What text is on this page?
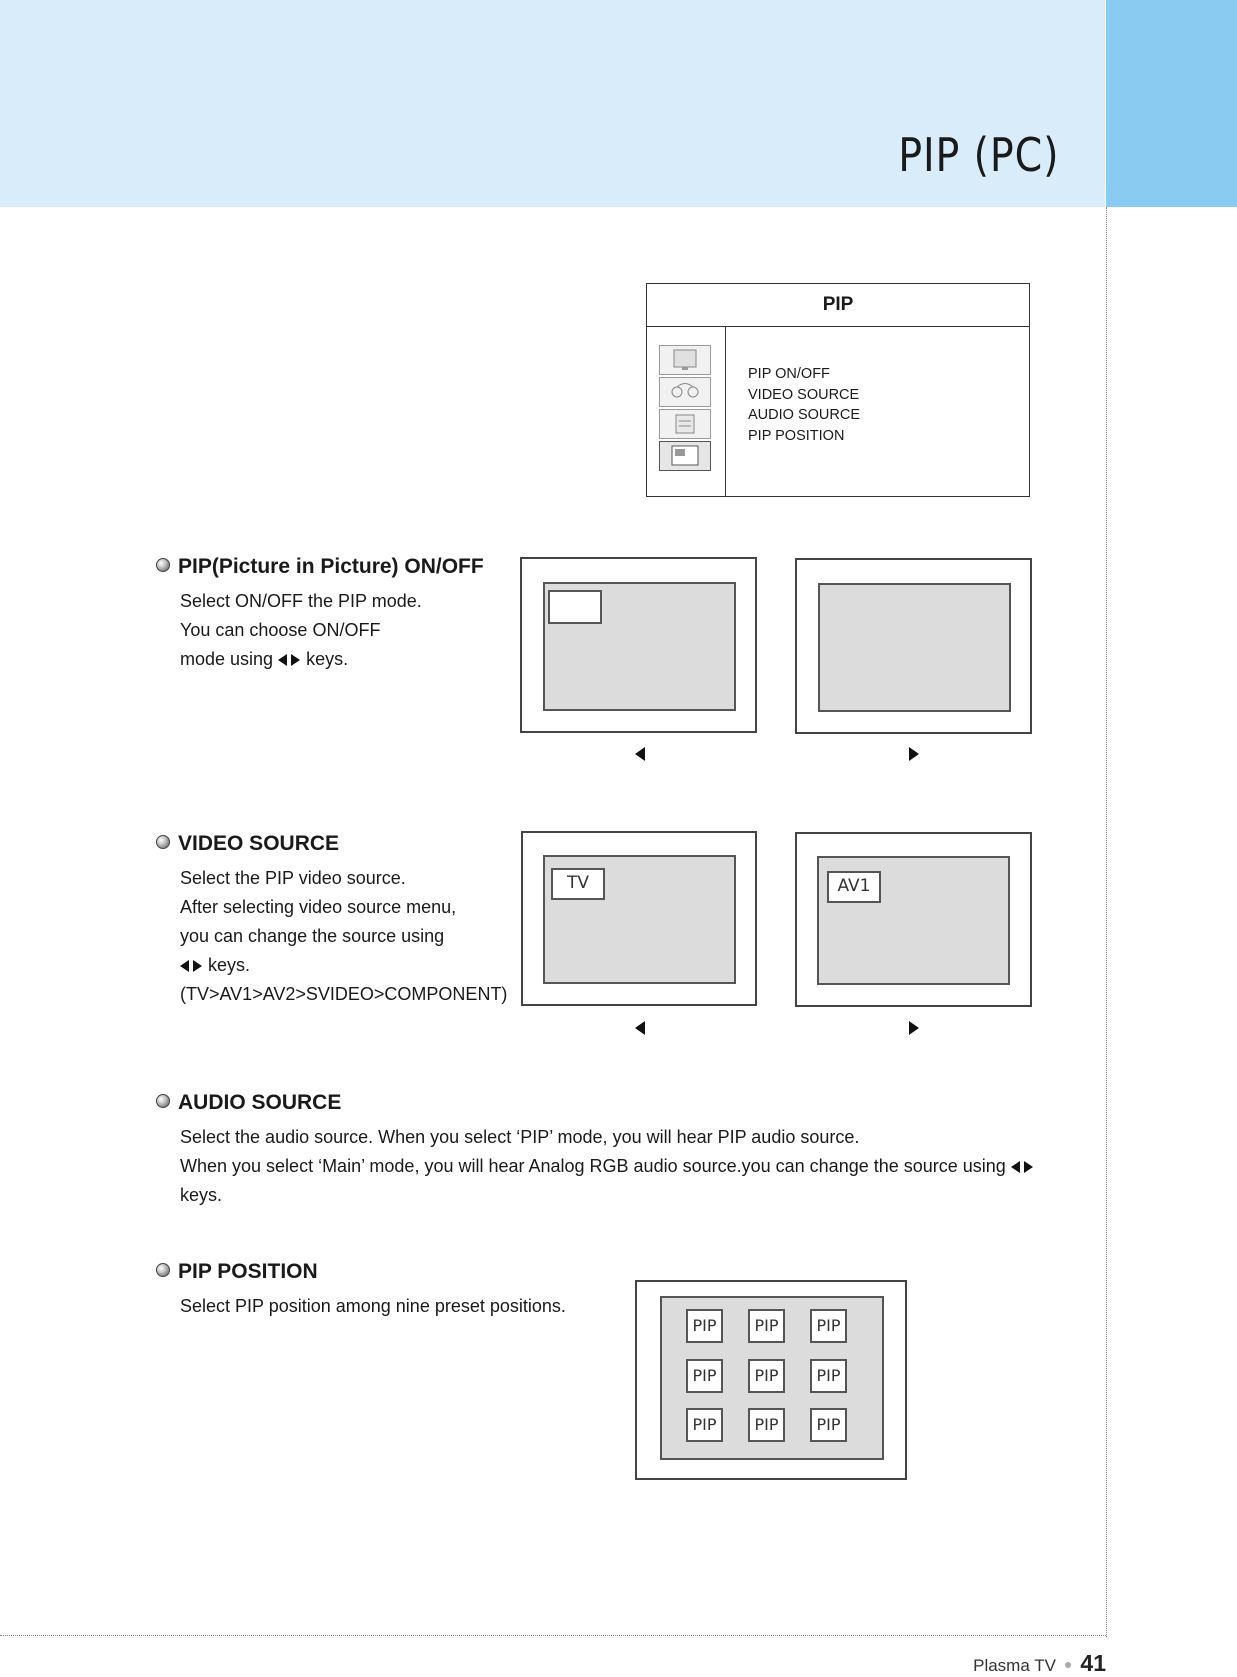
PIP (PC)
PIP
PIP ON/OFF
VIDEO SOURCE
AUDIO SOURCE
PIP POSITION
PIP(Picture in Picture) ON/OFF

Select ON/OFF the PIP mode.

You can choose ON/OFF

mode using keys.

VIDEO SOURCE

Select the PIP video source.

After selecting video source menu,

you can change the source using

keys.

(TV>AV1>AV2>SVIDEO>COMPONENT)

TV	AV1
AUDIO SOURCE

Select the audio source. When you select ‘PIP’ mode, you will hear PIP audio source.

When you select ‘Main’ mode, you will hear Analog RGB audio source.you can change the source using

keys.

PIP POSITION

Select PIP position among nine preset positions.

PIP	PIP	PIP
PIP	PIP	PIP
PIP	PIP	PIP
Plasma TV ● 41
